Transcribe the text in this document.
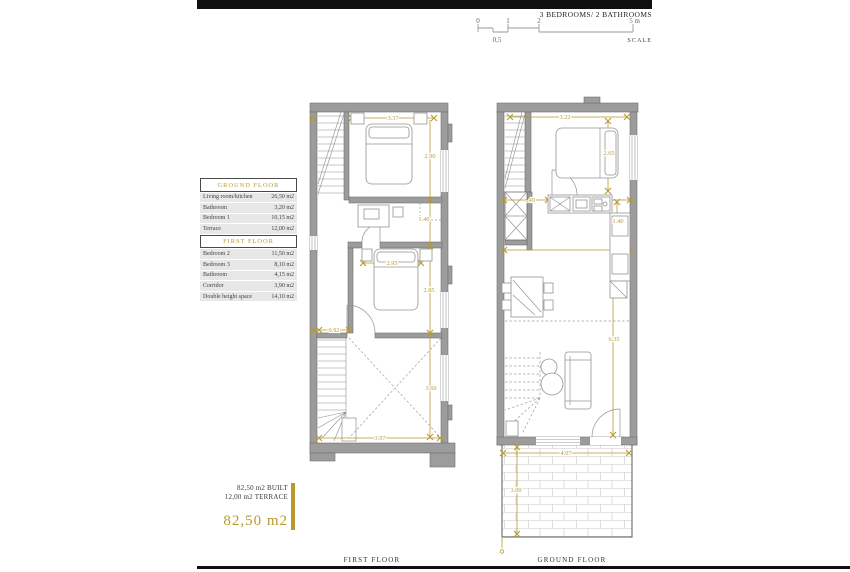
3 BEDROOMS/ 2 BATHROOMS
0	1	2	5 m
0,5	SCALE
GROUND FLOOR
Living room/kitchen	26,50 m2
Bathroom	3,20 m2
Bedroom 1	10,15 m2
Terrace	12,00 m2
FIRST FLOOR
Bedroom 2	11,50 m2
Bedroom 3	8,10 m2
Bathroom	4,15 m2
Corridor	3,90 m2
Double height space	14,10 m2
82,50 m2 BUILT
12,00 m2 TERRACE
82,50 m2
3.37
2.90
1.40
2.95
2.85
0.92
3.60
3.97
3.22
2.65
.49
1.40
6.35
4.07
3.00
FIRST FLOOR	GROUND FLOOR
